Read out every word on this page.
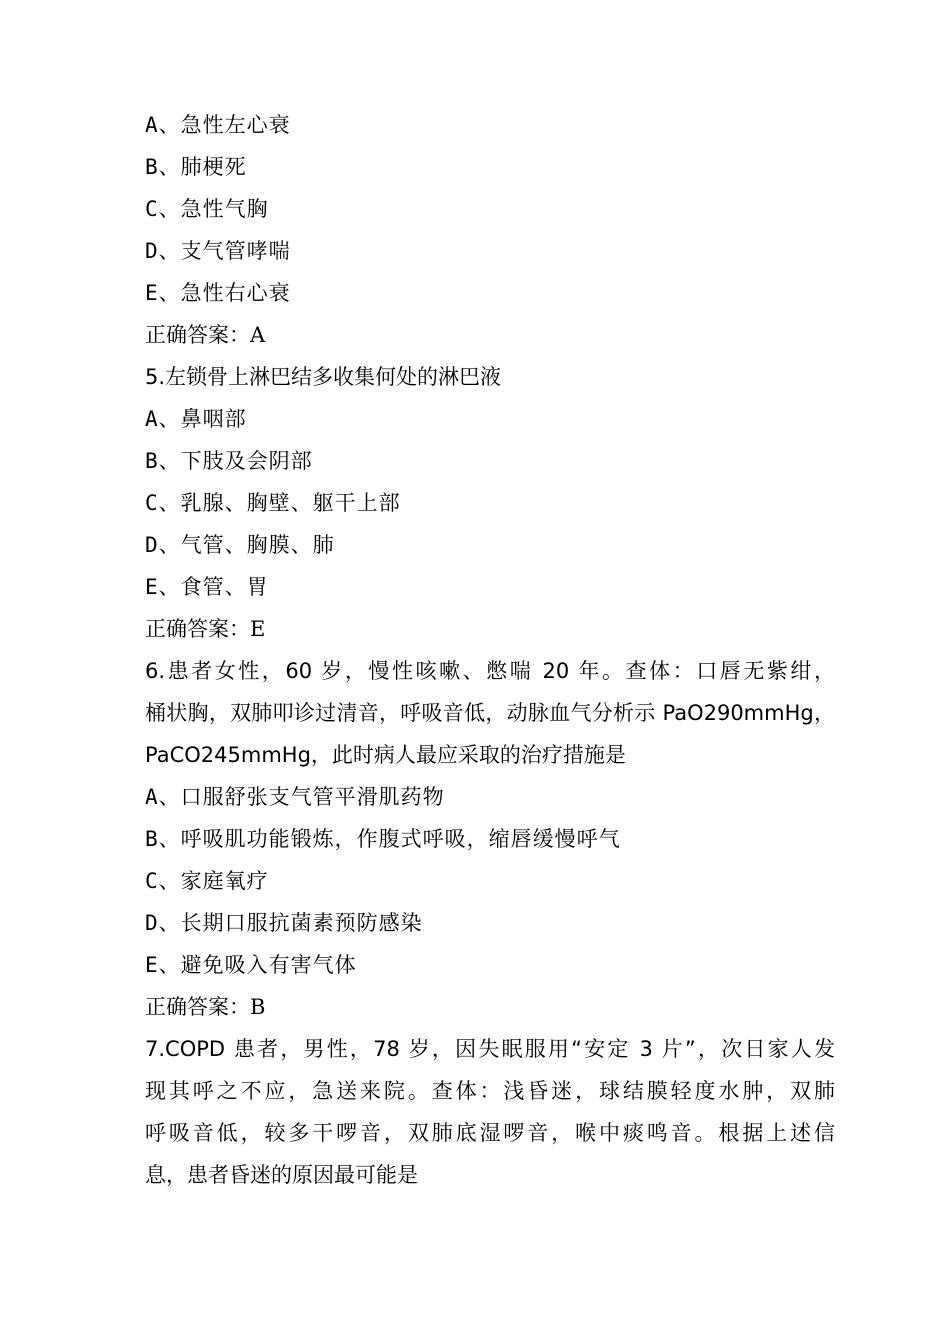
A、急性左心衰
B、肺梗死
C、急性气胸
D、支气管哮喘
E、急性右心衰
正确答案：A
5.左锁骨上淋巴结多收集何处的淋巴液
A、鼻咽部
B、下肢及会阴部
C、乳腺、胸壁、躯干上部
D、气管、胸膜、肺
E、食管、胃
正确答案：E
6.患者女性，60 岁，慢性咳嗽、憋喘 20 年。查体：口唇无紫绀，
桶状胸，双肺叩诊过清音，呼吸音低，动脉血气分析示 PaO290mmHg，
PaCO245mmHg，此时病人最应采取的治疗措施是
A、口服舒张支气管平滑肌药物
B、呼吸肌功能锻炼，作腹式呼吸，缩唇缓慢呼气
C、家庭氧疗
D、长期口服抗菌素预防感染
E、避免吸入有害气体
正确答案：B
7.COPD 患者，男性，78 岁，因失眠服用“安定 3 片”，次日家人发
现其呼之不应，急送来院。查体：浅昏迷，球结膜轻度水肿，双肺
呼吸音低，较多干啰音，双肺底湿啰音，喉中痰鸣音。根据上述信
息，患者昏迷的原因最可能是
